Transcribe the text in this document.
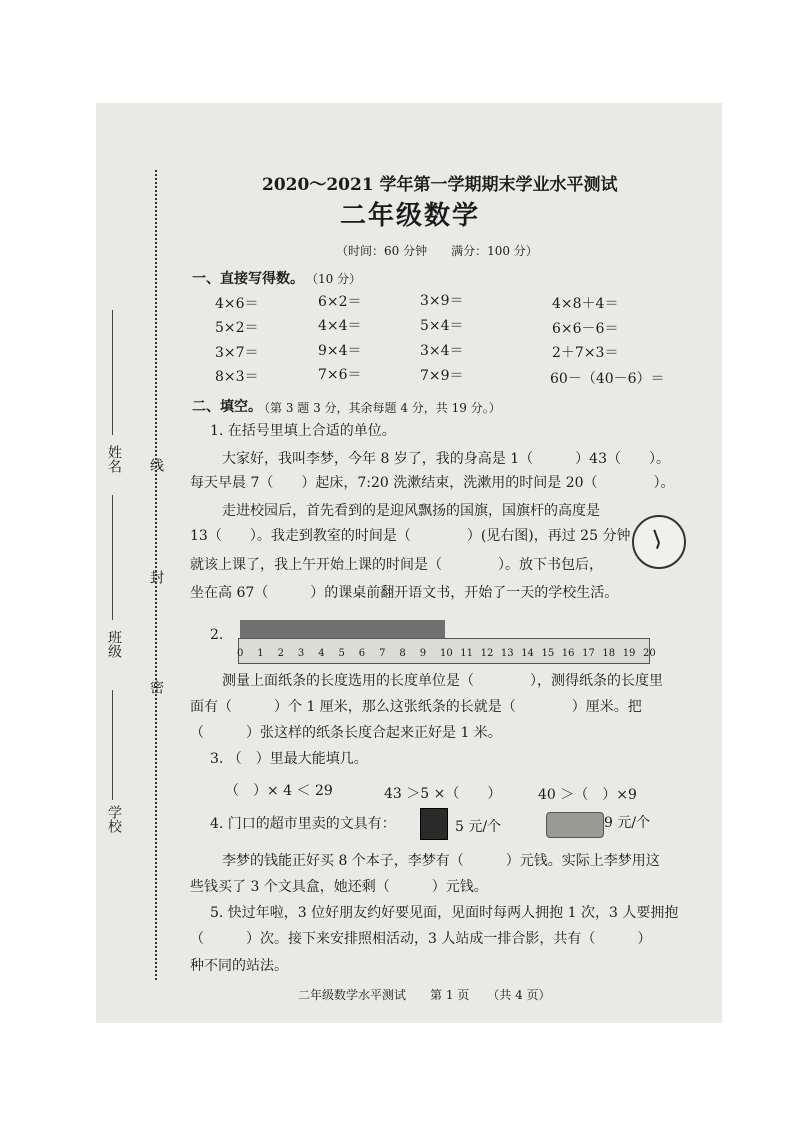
姓名
班级
学校
线
封
密
2020～2021 学年第一学期期末学业水平测试
二年级数学
（时间：60 分钟　　满分：100 分）
一、直接写得数。 （10 分）
4×6＝	6×2＝	3×9＝	4×8＋4＝
5×2＝	4×4＝	5×4＝	6×6－6＝
3×7＝	9×4＝	3×4＝	2＋7×3＝
8×3＝	7×6＝	7×9＝	60－（40－6）＝
二、填空。
（第 3 题 3 分，其余每题 4 分，共 19 分。）
1. 在括号里填上合适的单位。
大家好，我叫李梦，今年 8 岁了，我的身高是 1（　　　）43（　　）。
每天早晨 7（　　）起床，7:20 洗漱结束，洗漱用的时间是 20（　　　　）。
走进校园后，首先看到的是迎风飘扬的国旗，国旗杆的高度是
13（　　）。我走到教室的时间是（　　　　）(见右图)，再过 25 分钟
就该上课了，我上午开始上课的时间是（　　　　）。放下书包后，
坐在高 67（　　　）的课桌前翻开语文书，开始了一天的学校生活。
2.
0 1 2 3 4 5 6 7 8 9 10 11 12 13 14 15 16 17 18 19 20
测量上面纸条的长度选用的长度单位是（　　　　），测得纸条的长度里
面有（　　　）个 1 厘米，那么这张纸条的长就是（　　　　）厘米。把
（　　　）张这样的纸条长度合起来正好是 1 米。
3. （　）里最大能填几。
（　）× 4 ＜ 29	43 ＞5 ×（　　）	40 ＞（　）×9
4. 门口的超市里卖的文具有：	5 元/个	9 元/个
李梦的钱能正好买 8 个本子，李梦有（　　　）元钱。实际上李梦用这
些钱买了 3 个文具盒，她还剩（　　　）元钱。
5. 快过年啦，3 位好朋友约好要见面，见面时每两人拥抱 1 次，3 人要拥抱
（　　　）次。接下来安排照相活动，3 人站成一排合影，共有（　　　）
种不同的站法。
二年级数学水平测试　　第 1 页　　（共 4 页）
